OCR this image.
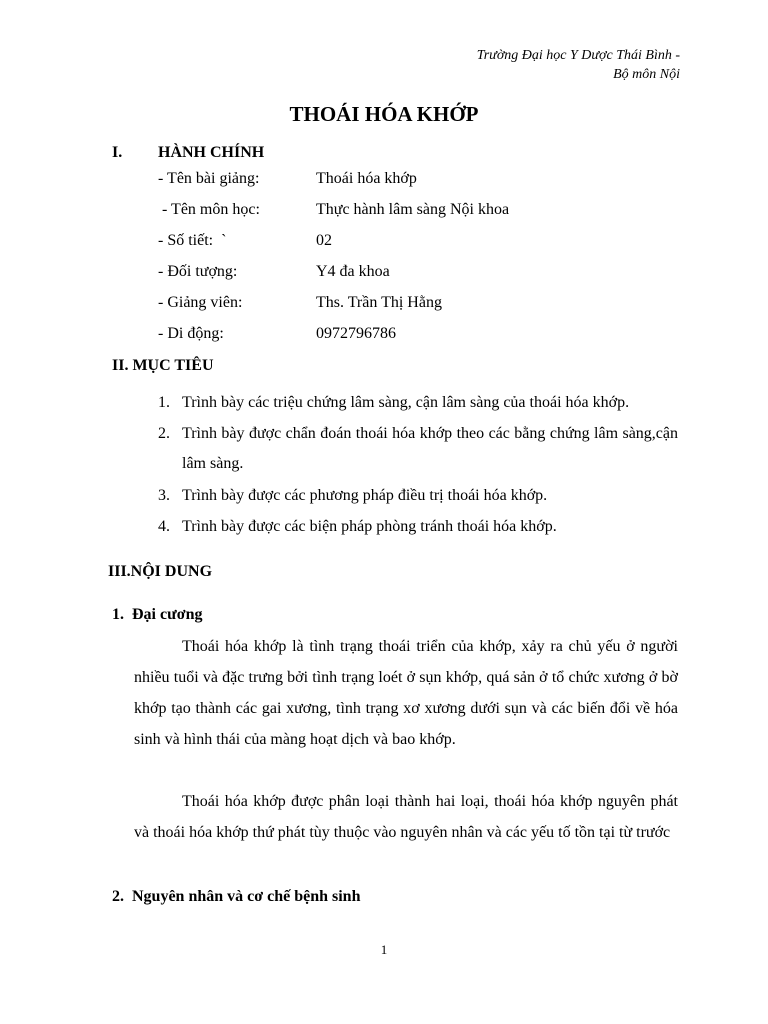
Trường Đại học Y Dược Thái Bình -
Bộ môn Nội
THOÁI HÓA KHỚP
I. HÀNH CHÍNH
- Tên bài giảng:	Thoái hóa khớp
- Tên môn học:	Thực hành lâm sàng Nội khoa
- Số tiết:  `	02
- Đối tượng:	Y4 đa khoa
- Giảng viên:	Ths. Trần Thị Hằng
- Di động:	0972796786
II. MỤC TIÊU
1. Trình bày các triệu chứng lâm sàng, cận lâm sàng của thoái hóa khớp.
2. Trình bày được chẩn đoán thoái hóa khớp theo các bằng chứng lâm sàng,cận lâm sàng.
3. Trình bày được các phương pháp điều trị thoái hóa khớp.
4. Trình bày được các biện pháp phòng tránh thoái hóa khớp.
III.NỘI DUNG
1.  Đại cương

Thoái hóa khớp là tình trạng thoái triển của khớp, xảy ra chủ yếu ở người nhiều tuổi và đặc trưng bởi tình trạng loét ở sụn khớp, quá sản ở tổ chức xương ở bờ khớp tạo thành các gai xương, tình trạng xơ xương dưới sụn và các biến đổi về hóa sinh và hình thái của màng hoạt dịch và bao khớp.

Thoái hóa khớp được phân loại thành hai loại, thoái hóa khớp nguyên phát và thoái hóa khớp thứ phát tùy thuộc vào nguyên nhân và các yếu tố tồn tại từ trước

2.  Nguyên nhân và cơ chế bệnh sinh
1
